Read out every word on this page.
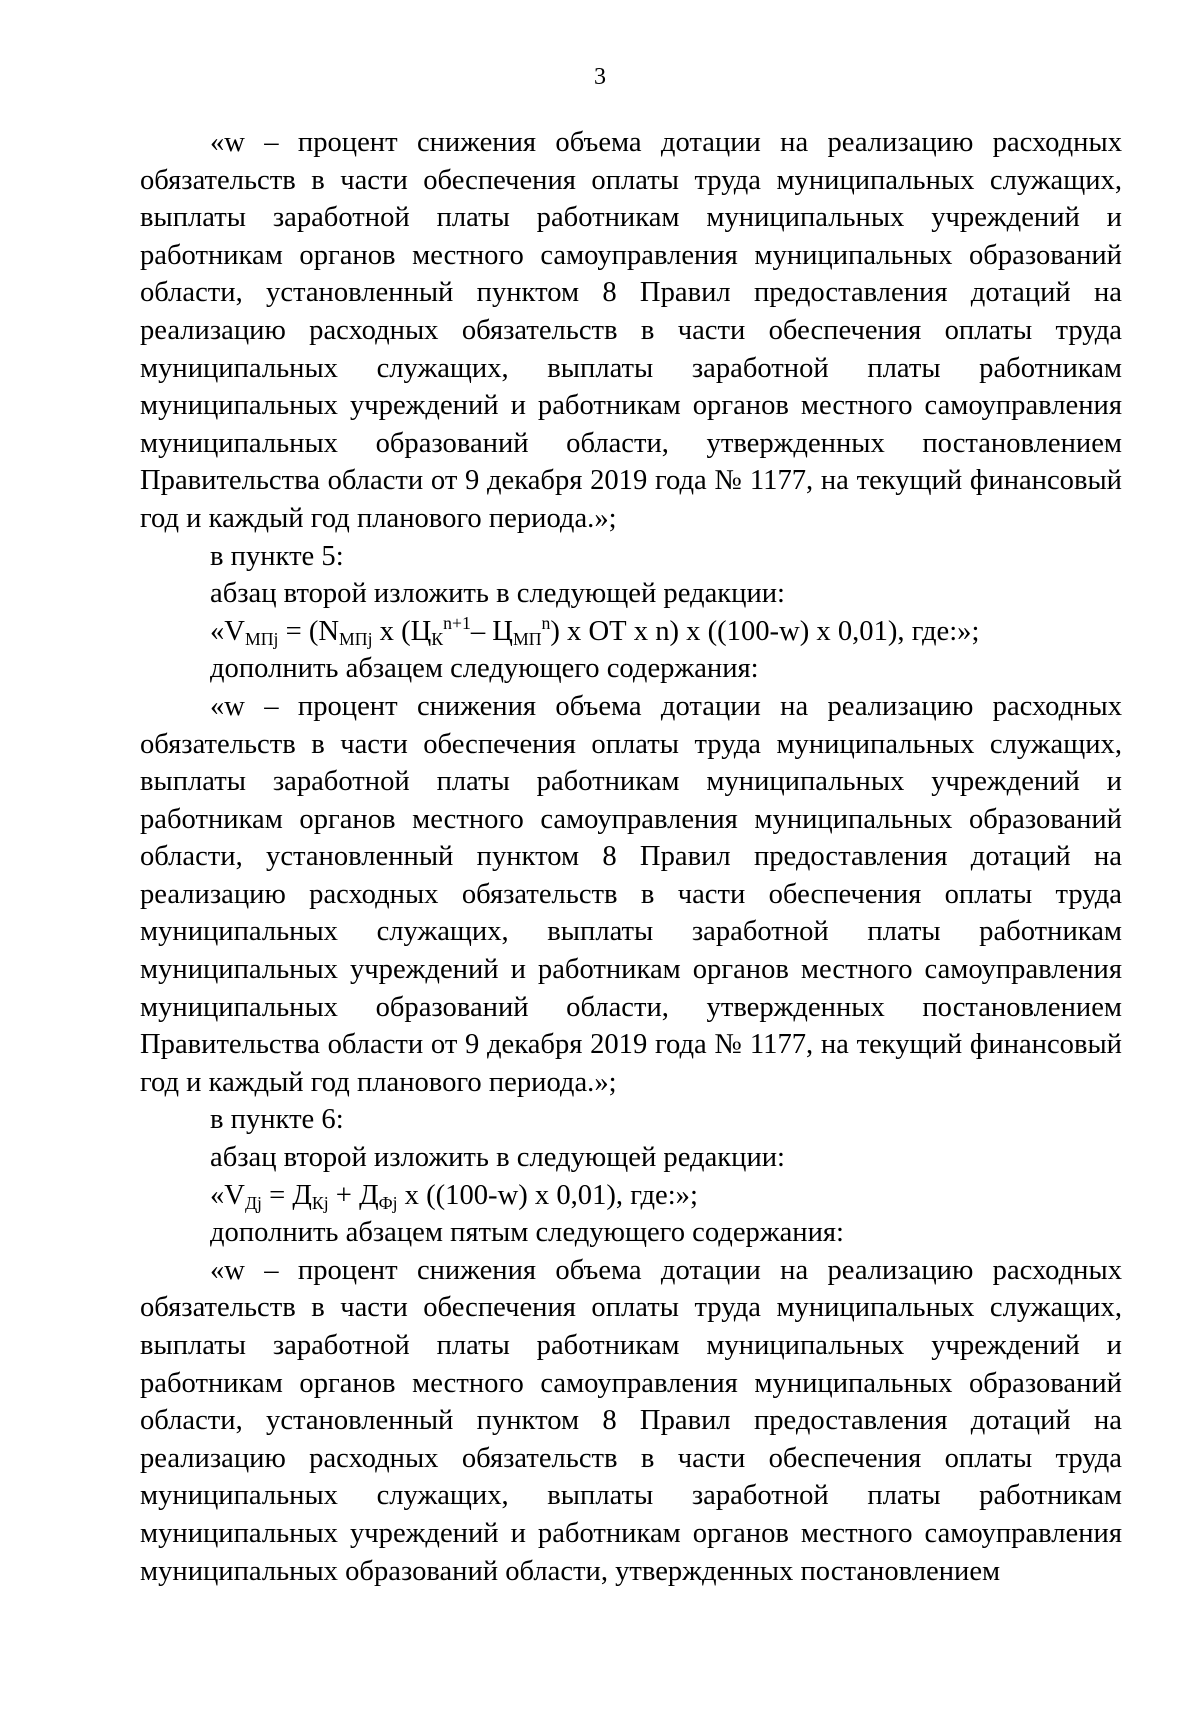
3

«w – процент снижения объема дотации на реализацию расходных обязательств в части обеспечения оплаты труда муниципальных служащих, выплаты заработной платы работникам муниципальных учреждений и работникам органов местного самоуправления муниципальных образований области, установленный пунктом 8 Правил предоставления дотаций на реализацию расходных обязательств в части обеспечения оплаты труда муниципальных служащих, выплаты заработной платы работникам муниципальных учреждений и работникам органов местного самоуправления муниципальных образований области, утвержденных постановлением Правительства области от 9 декабря 2019 года № 1177, на текущий финансовый год и каждый год планового периода.»;

в пункте 5:

абзац второй изложить в следующей редакции:

«$V_{МПj} = (N_{МПj}$ x ($Ц_К^{n+1}-$ $Ц_{МП}^n$) x ОТ x n) x ((100-w) x 0,01), где:»;

дополнить абзацем следующего содержания:

«w – процент снижения объема дотации на реализацию расходных обязательств в части обеспечения оплаты труда муниципальных служащих, выплаты заработной платы работникам муниципальных учреждений и работникам органов местного самоуправления муниципальных образований области, установленный пунктом 8 Правил предоставления дотаций на реализацию расходных обязательств в части обеспечения оплаты труда муниципальных служащих, выплаты заработной платы работникам муниципальных учреждений и работникам органов местного самоуправления муниципальных образований области, утвержденных постановлением Правительства области от 9 декабря 2019 года № 1177, на текущий финансовый год и каждый год планового периода.»;

в пункте 6:

абзац второй изложить в следующей редакции:

«$V_{Дj} = Д_{Кj} + Д_{Фj}$ x ((100-w) x 0,01), где:»;

дополнить абзацем пятым следующего содержания:

«w – процент снижения объема дотации на реализацию расходных обязательств в части обеспечения оплаты труда муниципальных служащих, выплаты заработной платы работникам муниципальных учреждений и работникам органов местного самоуправления муниципальных образований области, установленный пунктом 8 Правил предоставления дотаций на реализацию расходных обязательств в части обеспечения оплаты труда муниципальных служащих, выплаты заработной платы работникам муниципальных учреждений и работникам органов местного самоуправления муниципальных образований области, утвержденных постановлением
